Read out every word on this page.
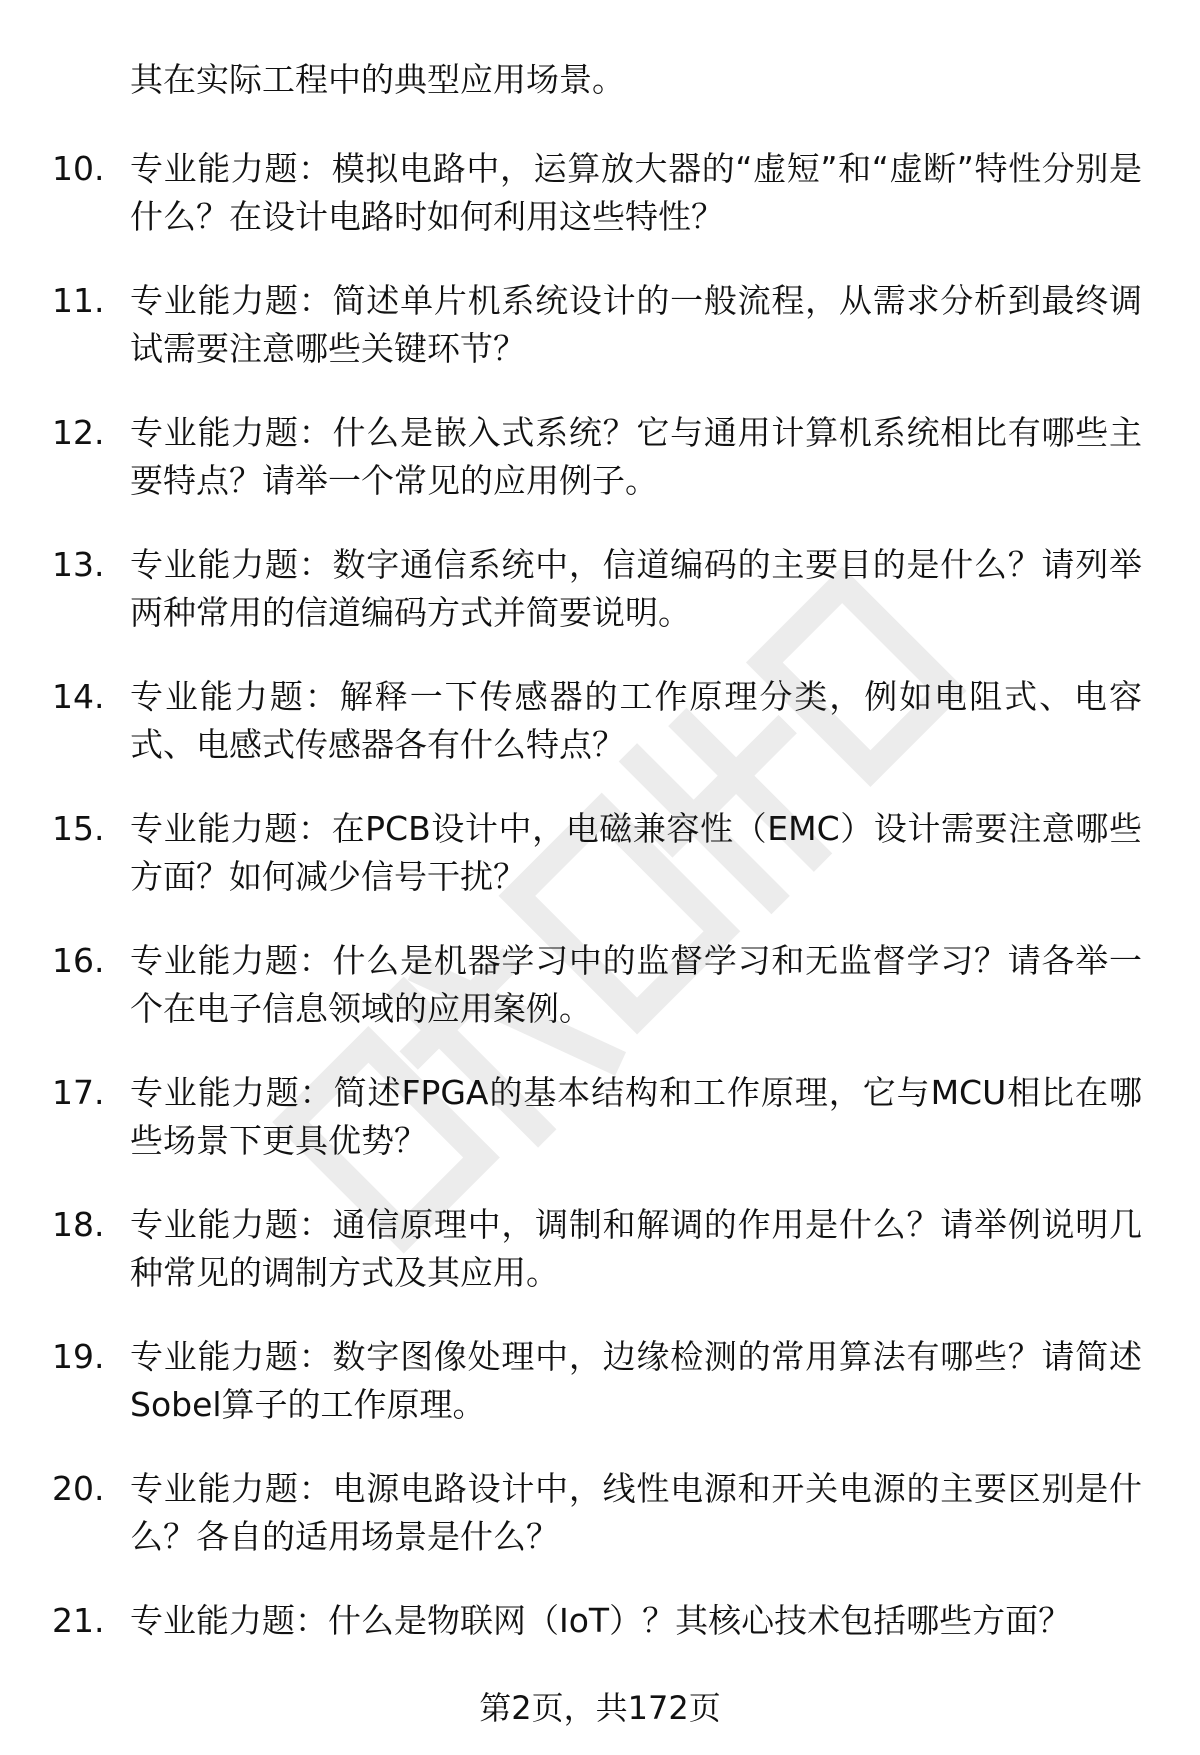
其在实际工程中的典型应用场景。

10. 专业能力题：模拟电路中，运算放大器的“虚短”和“虚断”特性分别是什么？在设计电路时如何利用这些特性？
11. 专业能力题：简述单片机系统设计的一般流程，从需求分析到最终调试需要注意哪些关键环节？
12. 专业能力题：什么是嵌入式系统？它与通用计算机系统相比有哪些主要特点？请举一个常见的应用例子。
13. 专业能力题：数字通信系统中，信道编码的主要目的是什么？请列举两种常用的信道编码方式并简要说明。
14. 专业能力题：解释一下传感器的工作原理分类，例如电阻式、电容式、电感式传感器各有什么特点？
15. 专业能力题：在PCB设计中，电磁兼容性（EMC）设计需要注意哪些方面？如何减少信号干扰？
16. 专业能力题：什么是机器学习中的监督学习和无监督学习？请各举一个在电子信息领域的应用案例。
17. 专业能力题：简述FPGA的基本结构和工作原理，它与MCU相比在哪些场景下更具优势？
18. 专业能力题：通信原理中，调制和解调的作用是什么？请举例说明几种常见的调制方式及其应用。
19. 专业能力题：数字图像处理中，边缘检测的常用算法有哪些？请简述Sobel算子的工作原理。
20. 专业能力题：电源电路设计中，线性电源和开关电源的主要区别是什么？各自的适用场景是什么？
21. 专业能力题：什么是物联网（IoT）？其核心技术包括哪些方面？
第2页，共172页
